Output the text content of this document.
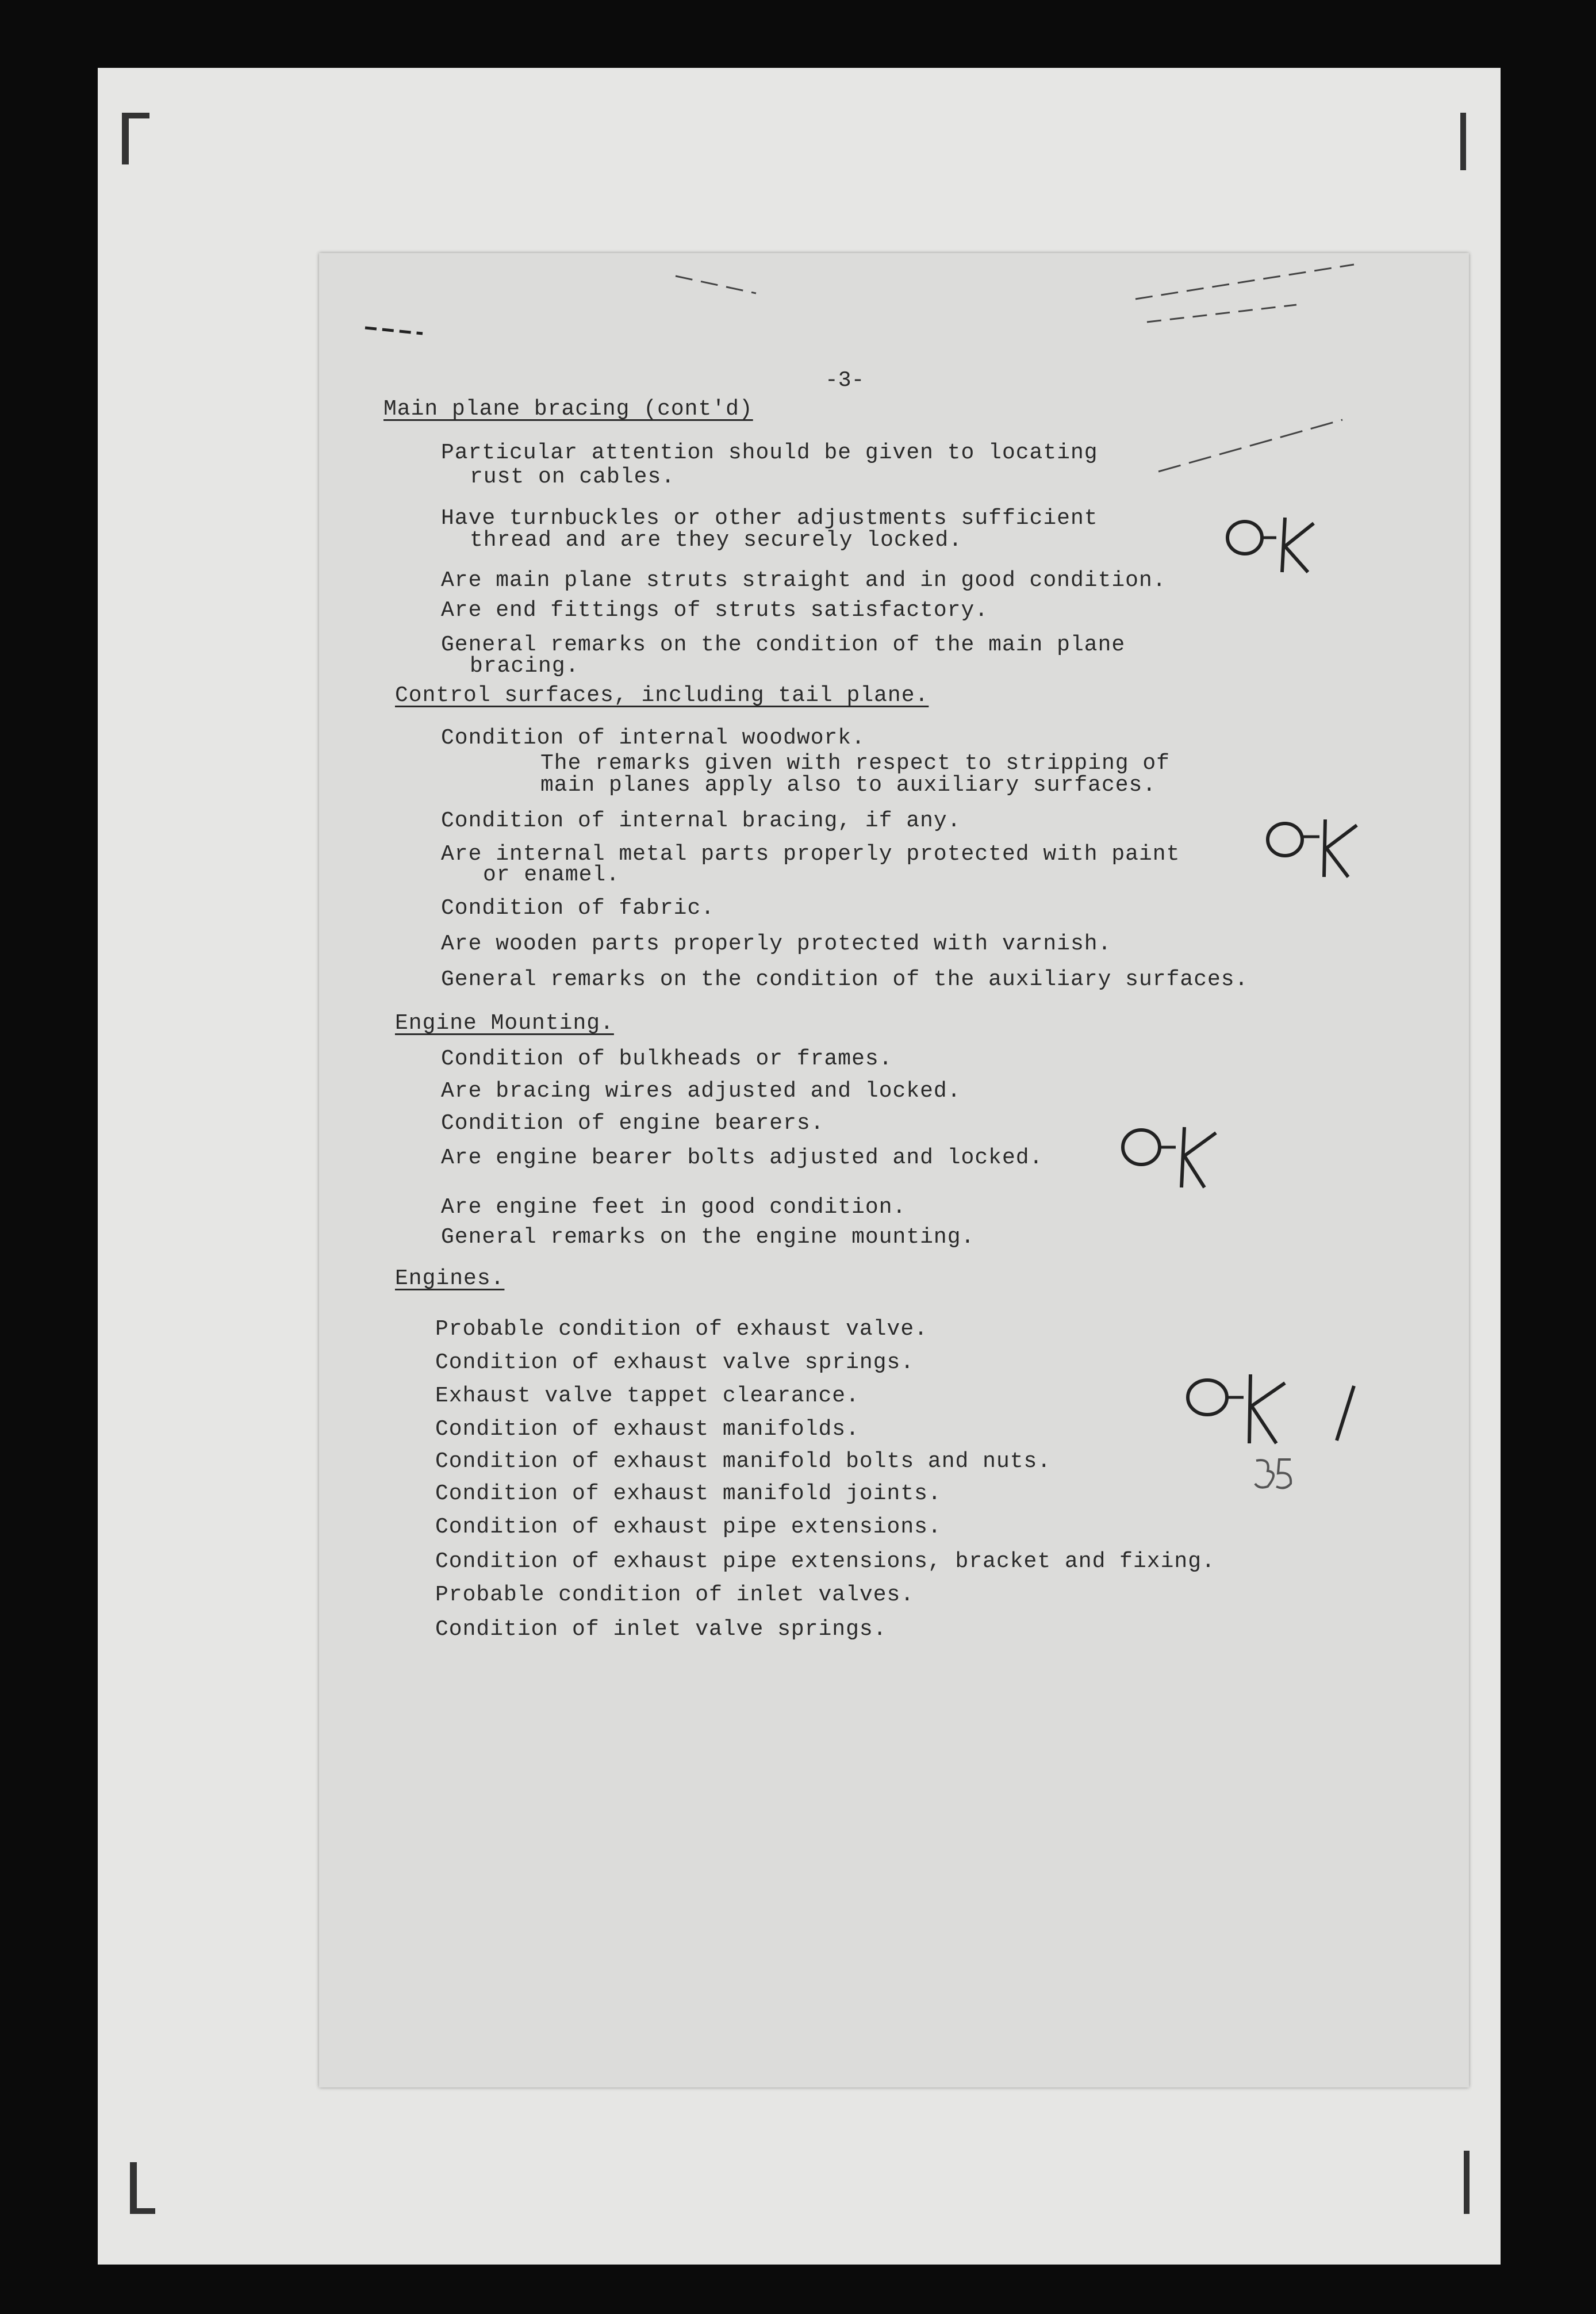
-3-
Main plane bracing (cont'd)
Particular attention should be given to locating
rust on cables.
Have turnbuckles or other adjustments sufficient
thread and are they securely locked.
Are main plane struts straight and in good condition.
Are end fittings of struts satisfactory.
General remarks on the condition of the main plane
bracing.
Control surfaces, including tail plane.
Condition of internal woodwork.
The remarks given with respect to stripping of
main planes apply also to auxiliary surfaces.
Condition of internal bracing, if any.
Are internal metal parts properly protected with paint
or enamel.
Condition of fabric.
Are wooden parts properly protected with varnish.
General remarks on the condition of the auxiliary surfaces.
Engine Mounting.
Condition of bulkheads or frames.
Are bracing wires adjusted and locked.
Condition of engine bearers.
Are engine bearer bolts adjusted and locked.
Are engine feet in good condition.
General remarks on the engine mounting.
Engines.
Probable condition of exhaust valve.
Condition of exhaust valve springs.
Exhaust valve tappet clearance.
Condition of exhaust manifolds.
Condition of exhaust manifold bolts and nuts.
Condition of exhaust manifold joints.
Condition of exhaust pipe extensions.
Condition of exhaust pipe extensions, bracket and fixing.
Probable condition of inlet valves.
Condition of inlet valve springs.
